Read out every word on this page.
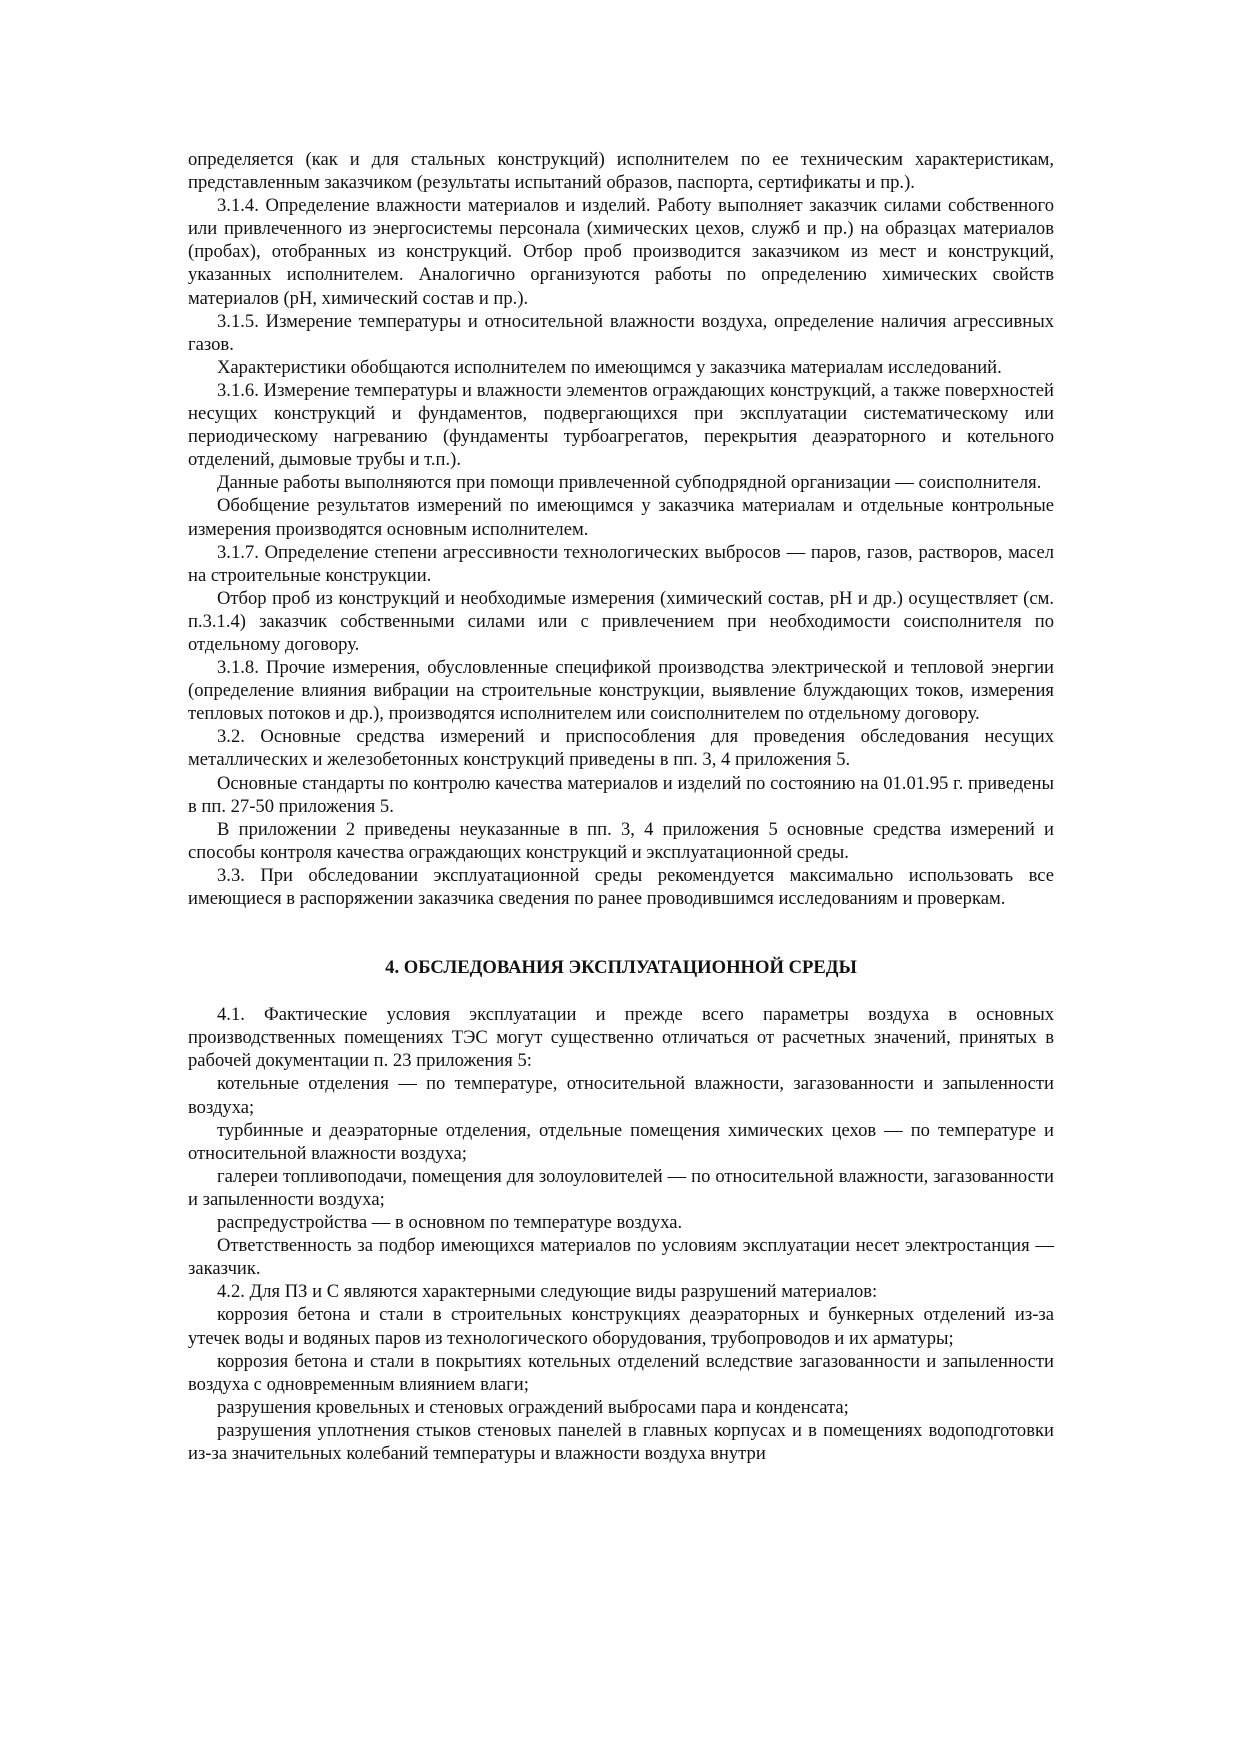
определяется (как и для стальных конструкций) исполнителем по ее техническим характеристикам, представленным заказчиком (результаты испытаний образов, паспорта, сертификаты и пр.).

3.1.4. Определение влажности материалов и изделий. Работу выполняет заказчик силами собственного или привлеченного из энергосистемы персонала (химических цехов, служб и пр.) на образцах материалов (пробах), отобранных из конструкций. Отбор проб производится заказчиком из мест и конструкций, указанных исполнителем. Аналогично организуются работы по определению химических свойств материалов (pH, химический состав и пр.).

3.1.5. Измерение температуры и относительной влажности воздуха, определение наличия агрессивных газов.

Характеристики обобщаются исполнителем по имеющимся у заказчика материалам исследований.

3.1.6. Измерение температуры и влажности элементов ограждающих конструкций, а также поверхностей несущих конструкций и фундаментов, подвергающихся при эксплуатации систематическому или периодическому нагреванию (фундаменты турбоагрегатов, перекрытия деаэраторного и котельного отделений, дымовые трубы и т.п.).

Данные работы выполняются при помощи привлеченной субподрядной организации — соисполнителя.

Обобщение результатов измерений по имеющимся у заказчика материалам и отдельные контрольные измерения производятся основным исполнителем.

3.1.7. Определение степени агрессивности технологических выбросов — паров, газов, растворов, масел на строительные конструкции.

Отбор проб из конструкций и необходимые измерения (химический состав, pH и др.) осуществляет (см. п.3.1.4) заказчик собственными силами или с привлечением при необходимости соисполнителя по отдельному договору.

3.1.8. Прочие измерения, обусловленные спецификой производства электрической и тепловой энергии (определение влияния вибрации на строительные конструкции, выявление блуждающих токов, измерения тепловых потоков и др.), производятся исполнителем или соисполнителем по отдельному договору.

3.2. Основные средства измерений и приспособления для проведения обследования несущих металлических и железобетонных конструкций приведены в пп. 3, 4 приложения 5.

Основные стандарты по контролю качества материалов и изделий по состоянию на 01.01.95 г. приведены в пп. 27-50 приложения 5.

В приложении 2 приведены неуказанные в пп. 3, 4 приложения 5 основные средства измерений и способы контроля качества ограждающих конструкций и эксплуатационной среды.

3.3. При обследовании эксплуатационной среды рекомендуется максимально использовать все имеющиеся в распоряжении заказчика сведения по ранее проводившимся исследованиям и проверкам.

4. ОБСЛЕДОВАНИЯ ЭКСПЛУАТАЦИОННОЙ СРЕДЫ

4.1. Фактические условия эксплуатации и прежде всего параметры воздуха в основных производственных помещениях ТЭС могут существенно отличаться от расчетных значений, принятых в рабочей документации п. 23 приложения 5:

котельные отделения — по температуре, относительной влажности, загазованности и запыленности воздуха;

турбинные и деаэраторные отделения, отдельные помещения химических цехов — по температуре и относительной влажности воздуха;

галереи топливоподачи, помещения для золоуловителей — по относительной влажности, загазованности и запыленности воздуха;

распредустройства — в основном по температуре воздуха.

Ответственность за подбор имеющихся материалов по условиям эксплуатации несет электростанция — заказчик.

4.2. Для ПЗ и С являются характерными следующие виды разрушений материалов:

коррозия бетона и стали в строительных конструкциях деаэраторных и бункерных отделений из-за утечек воды и водяных паров из технологического оборудования, трубопроводов и их арматуры;

коррозия бетона и стали в покрытиях котельных отделений вследствие загазованности и запыленности воздуха с одновременным влиянием влаги;

разрушения кровельных и стеновых ограждений выбросами пара и конденсата;

разрушения уплотнения стыков стеновых панелей в главных корпусах и в помещениях водоподготовки из-за значительных колебаний температуры и влажности воздуха внутри
